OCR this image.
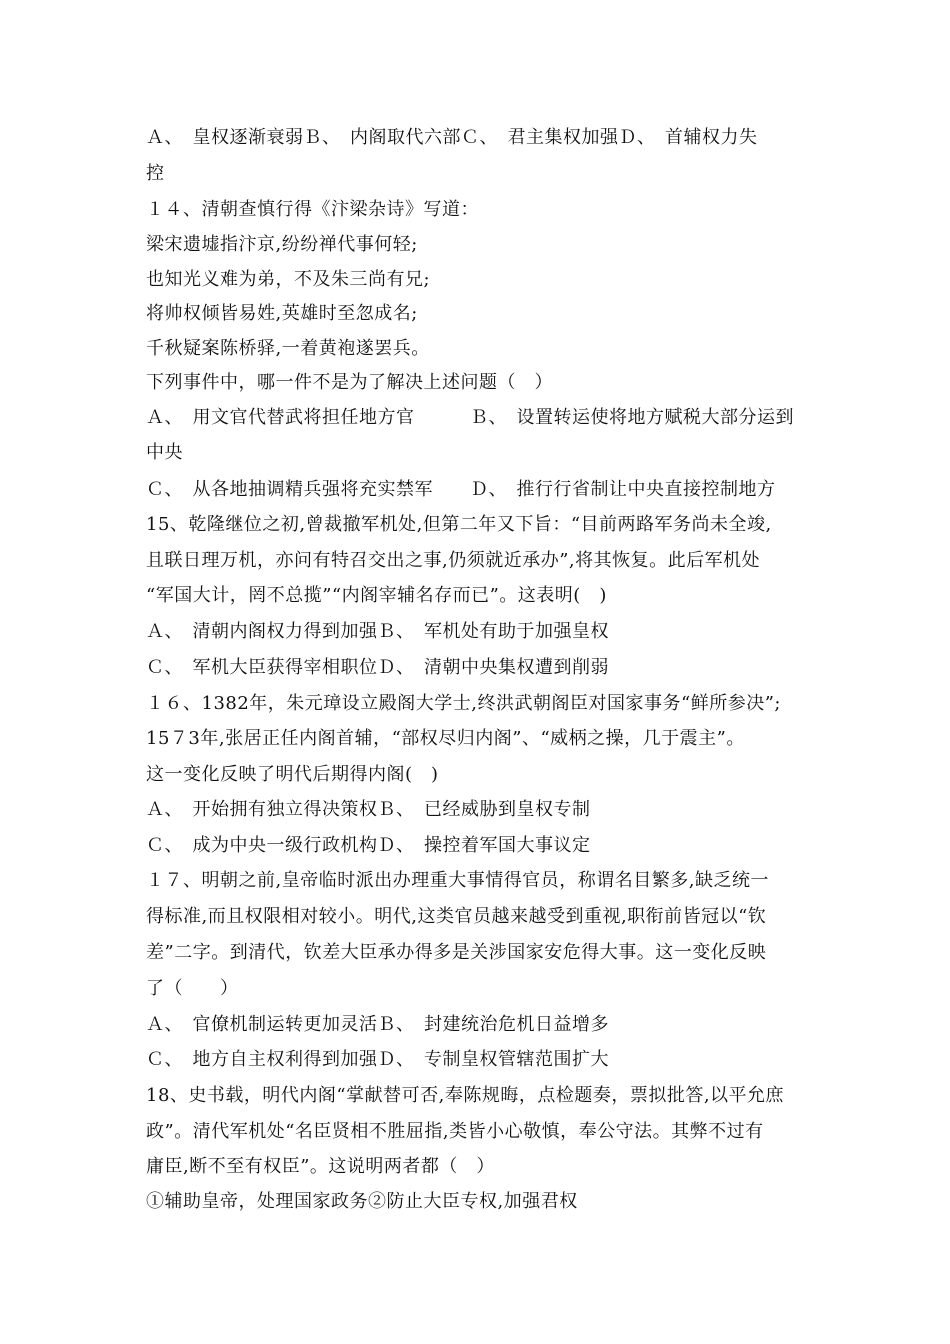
Ａ、　皇权逐渐衰弱Ｂ、　内阁取代六部Ｃ、　君主集权加强Ｄ、　首辅权力失
控
１４、清朝查慎行得《汴梁杂诗》写道：
梁宋遗墟指汴京,纷纷禅代事何轻;
也知光义难为弟，不及朱三尚有兄;
将帅权倾皆易姓,英雄时至忽成名;
千秋疑案陈桥驿,一着黄袍遂罢兵。
下列事件中，哪一件不是为了解决上述问题（　）
Ａ、　用文官代替武将担任地方官　　　Ｂ、　设置转运使将地方赋税大部分运到
中央
Ｃ、　从各地抽调精兵强将充实禁军　　Ｄ、　推行行省制让中央直接控制地方
15、乾隆继位之初,曾裁撤军机处,但第二年又下旨：“目前两路军务尚未全竣,
且联日理万机，亦问有特召交出之事,仍须就近承办”,将其恢复。此后军机处
“军国大计，罔不总揽”“内阁宰辅名存而已”。这表明(　)
Ａ、　清朝内阁权力得到加强Ｂ、　军机处有助于加强皇权
Ｃ、　军机大臣获得宰相职位Ｄ、　清朝中央集权遭到削弱
１６、1382年，朱元璋设立殿阁大学士,终洪武朝阁臣对国家事务“鲜所参决”;
15７3年,张居正任内阁首辅，“部权尽归内阁”、“威柄之操，几于震主”。
这一变化反映了明代后期得内阁(　)
Ａ、　开始拥有独立得决策权Ｂ、　已经威胁到皇权专制
Ｃ、　成为中央一级行政机构Ｄ、　操控着军国大事议定
１７、明朝之前,皇帝临时派出办理重大事情得官员，称谓名目繁多,缺乏统一
得标准,而且权限相对较小。明代,这类官员越来越受到重视,职衔前皆冠以“钦
差”二字。到清代，钦差大臣承办得多是关涉国家安危得大事。这一变化反映
了（　　）
Ａ、　官僚机制运转更加灵活Ｂ、　封建统治危机日益增多
Ｃ、　地方自主权利得到加强Ｄ、　专制皇权管辖范围扩大
18、史书载，明代内阁“掌献替可否,奉陈规晦，点检题奏，票拟批答,以平允庶
政”。清代军机处“名臣贤相不胜屈指,类皆小心敬慎，奉公守法。其弊不过有
庸臣,断不至有权臣”。这说明两者都（　）
①辅助皇帝，处理国家政务②防止大臣专权,加强君权
